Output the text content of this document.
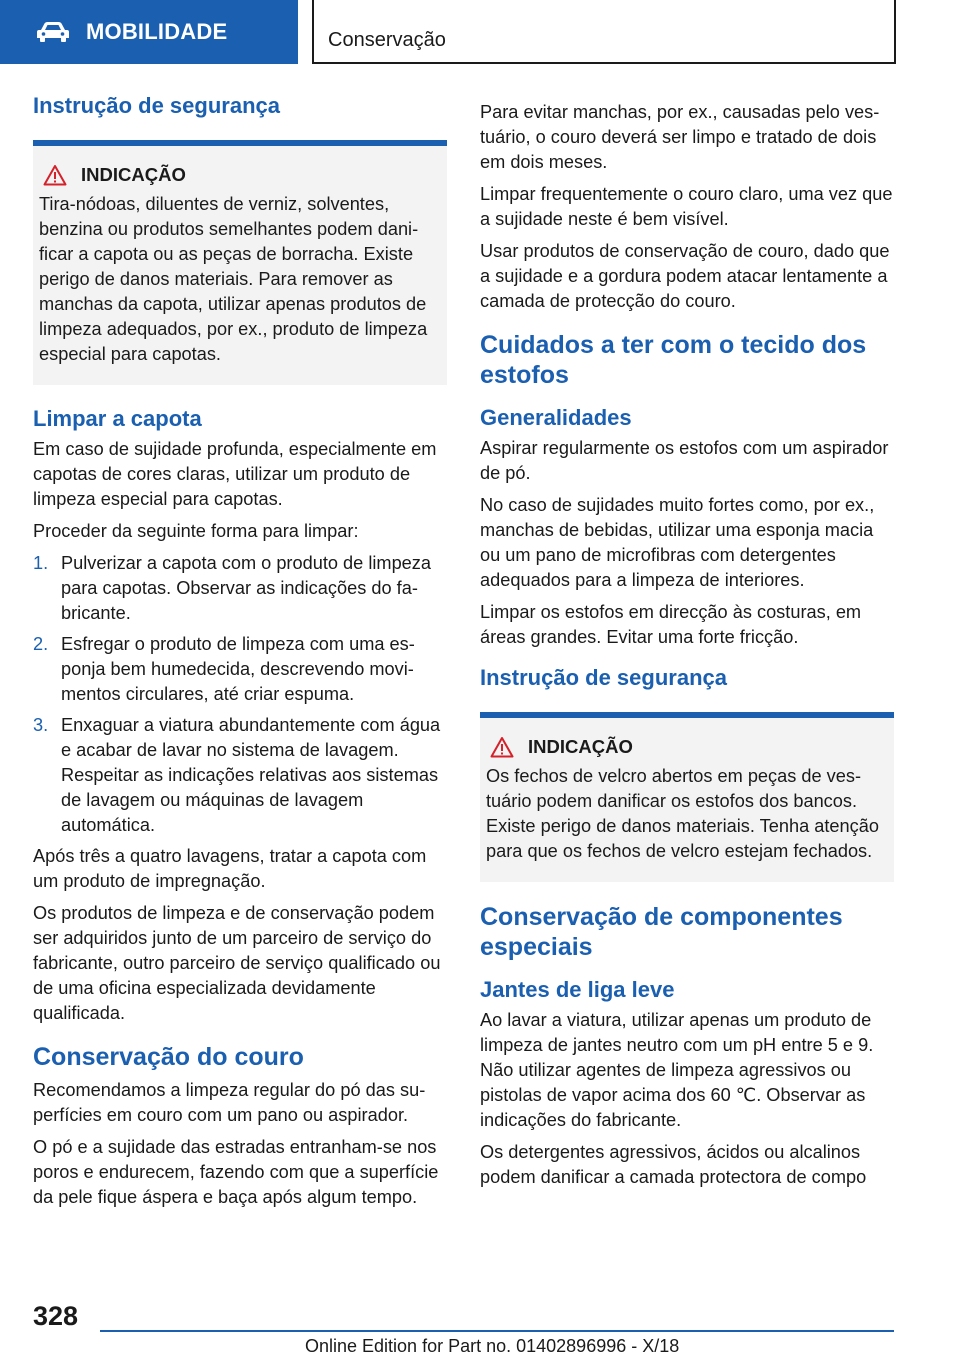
MOBILIDADE	Conservação
Instrução de segurança
INDICAÇÃO

Tira-nódoas, diluentes de verniz, solventes, benzina ou produtos semelhantes podem danificar a capota ou as peças de borracha. Existe perigo de danos materiais. Para remover as manchas da capota, utilizar apenas produtos de limpeza adequados, por ex., produto de limpeza especial para capotas.

Limpar a capota

Em caso de sujidade profunda, especialmente em capotas de cores claras, utilizar um produto de limpeza especial para capotas.

Proceder da seguinte forma para limpar:

1. Pulverizar a capota com o produto de limpeza para capotas. Observar as indicações do fabricante.
2. Esfregar o produto de limpeza com uma esponja bem humedecida, descrevendo movimentos circulares, até criar espuma.
3. Enxaguar a viatura abundantemente com água e acabar de lavar no sistema de lavagem. Respeitar as indicações relativas aos sistemas de lavagem ou máquinas de lavagem automática.

Após três a quatro lavagens, tratar a capota com um produto de impregnação.

Os produtos de limpeza e de conservação podem ser adquiridos junto de um parceiro de serviço do fabricante, outro parceiro de serviço qualificado ou de uma oficina especializada devidamente qualificada.

Conservação do couro

Recomendamos a limpeza regular do pó das superfícies em couro com um pano ou aspirador.

O pó e a sujidade das estradas entranham-se nos poros e endurecem, fazendo com que a superfície da pele fique áspera e baça após algum tempo.

Para evitar manchas, por ex., causadas pelo vestuário, o couro deverá ser limpo e tratado de dois em dois meses.

Limpar frequentemente o couro claro, uma vez que a sujidade neste é bem visível.

Usar produtos de conservação de couro, dado que a sujidade e a gordura podem atacar lentamente a camada de protecção do couro.

Cuidados a ter com o tecido dos estofos
Generalidades

Aspirar regularmente os estofos com um aspirador de pó.

No caso de sujidades muito fortes como, por ex., manchas de bebidas, utilizar uma esponja macia ou um pano de microfibras com detergentes adequados para a limpeza de interiores.

Limpar os estofos em direcção às costuras, em áreas grandes. Evitar uma forte fricção.

Instrução de segurança
INDICAÇÃO

Os fechos de velcro abertos em peças de vestuário podem danificar os estofos dos bancos. Existe perigo de danos materiais. Tenha atenção para que os fechos de velcro estejam fechados.

Conservação de componentes especiais
Jantes de liga leve

Ao lavar a viatura, utilizar apenas um produto de limpeza de jantes neutro com um pH entre 5 e 9. Não utilizar agentes de limpeza agressivos ou pistolas de vapor acima dos 60 ℃. Observar as indicações do fabricante.

Os detergentes agressivos, ácidos ou alcalinos podem danificar a camada protectora de compo

328
Online Edition for Part no. 01402896996 - X/18
